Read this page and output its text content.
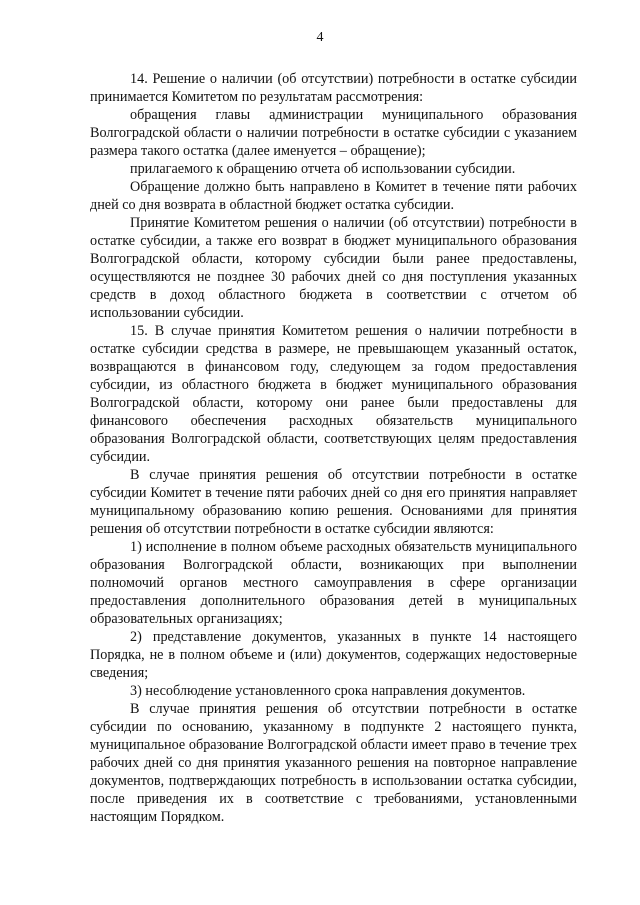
4

14. Решение о наличии (об отсутствии) потребности в остатке субсидии принимается Комитетом по результатам рассмотрения:

обращения главы администрации муниципального образования Волгоградской области о наличии потребности в остатке субсидии с указанием размера такого остатка (далее именуется – обращение);

прилагаемого к обращению отчета об использовании субсидии.

Обращение должно быть направлено в Комитет в течение пяти рабочих дней со дня возврата в областной бюджет остатка субсидии.

Принятие Комитетом решения о наличии (об отсутствии) потребности в остатке субсидии, а также его возврат в бюджет муниципального образования Волгоградской области, которому субсидии были ранее предоставлены, осуществляются не позднее 30 рабочих дней со дня поступления указанных средств в доход областного бюджета в соответствии с отчетом об использовании субсидии.

15. В случае принятия Комитетом решения о наличии потребности в остатке субсидии средства в размере, не превышающем указанный остаток, возвращаются в финансовом году, следующем за годом предоставления субсидии, из областного бюджета в бюджет муниципального образования Волгоградской области, которому они ранее были предоставлены для финансового обеспечения расходных обязательств муниципального образования Волгоградской области, соответствующих целям предоставления субсидии.

В случае принятия решения об отсутствии потребности в остатке субсидии Комитет в течение пяти рабочих дней со дня его принятия направляет муниципальному образованию копию решения. Основаниями для принятия решения об отсутствии потребности в остатке субсидии являются:

1) исполнение в полном объеме расходных обязательств муниципального образования Волгоградской области, возникающих при выполнении полномочий органов местного самоуправления в сфере организации предоставления дополнительного образования детей в муниципальных образовательных организациях;

2) представление документов, указанных в пункте 14 настоящего Порядка, не в полном объеме и (или) документов, содержащих недостоверные сведения;

3) несоблюдение установленного срока направления документов.

В случае принятия решения об отсутствии потребности в остатке субсидии по основанию, указанному в подпункте 2 настоящего пункта, муниципальное образование Волгоградской области имеет право в течение трех рабочих дней со дня принятия указанного решения на повторное направление документов, подтверждающих потребность в использовании остатка субсидии, после приведения их в соответствие с требованиями, установленными настоящим Порядком.
